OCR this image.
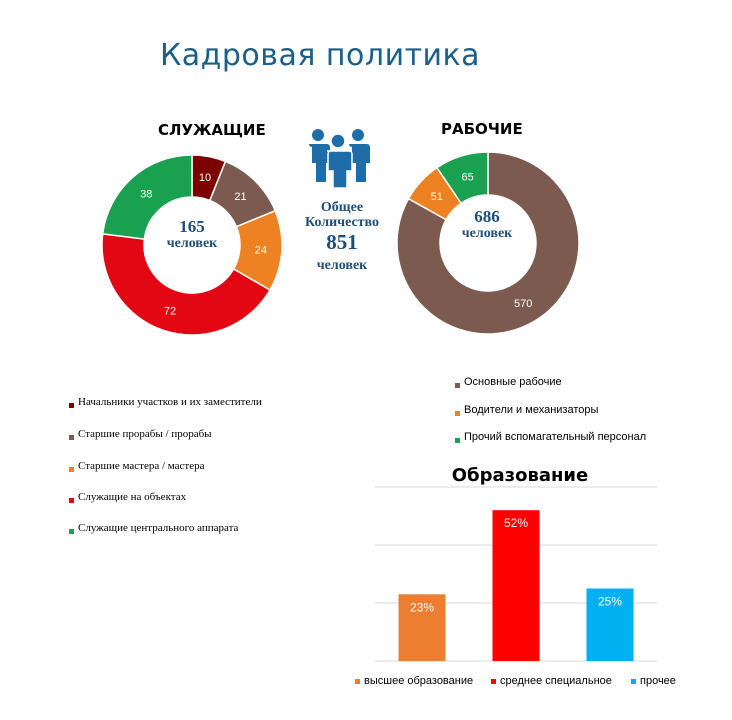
Кадровая политика
СЛУЖАЩИЕ	РАБОЧИЕ
10
21
24
72
38
165
человек
570
51
65
686
человек
Общее
Количество
851
человек
Начальники участков и их заместители
Старшие прорабы / прорабы
Старшие мастера / мастера
Служащие на объектах
Служащие центрального аппарата
Основные рабочие
Водители и механизаторы
Прочий вспомагательный персонал
Образование
23%
52%
25%
высшее образование	среднее специальное	прочее
